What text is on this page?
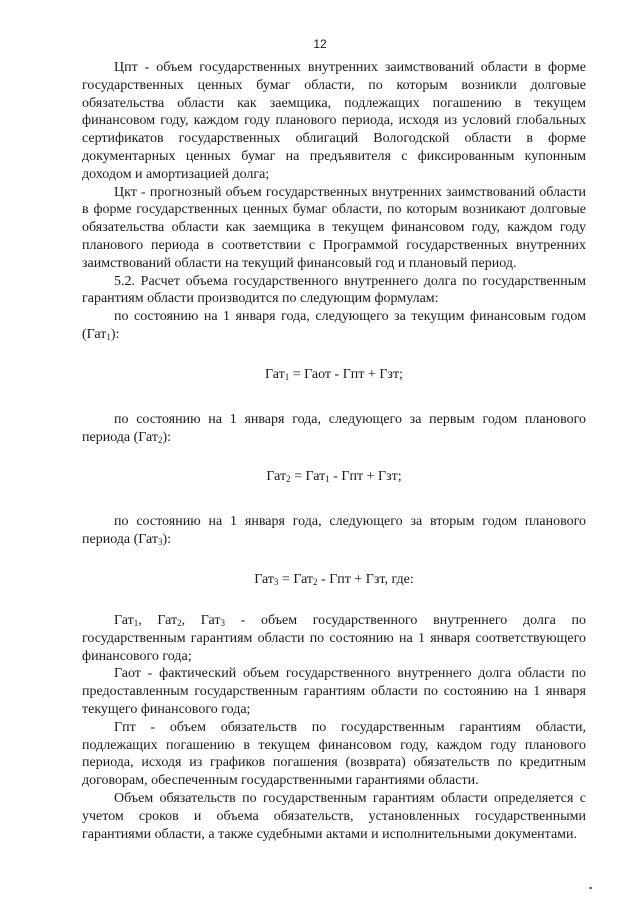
12

Цпт - объем государственных внутренних заимствований области в форме государственных ценных бумаг области, по которым возникли долговые обязательства области как заемщика, подлежащих погашению в текущем финансовом году, каждом году планового периода, исходя из условий глобальных сертификатов государственных облигаций Вологодской области в форме документарных ценных бумаг на предъявителя с фиксированным купонным доходом и амортизацией долга;

Цкт - прогнозный объем государственных внутренних заимствований области в форме государственных ценных бумаг области, по которым возникают долговые обязательства области как заемщика в текущем финансовом году, каждом году планового периода в соответствии с Программой государственных внутренних заимствований области на текущий финансовый год и плановый период.

5.2. Расчет объема государственного внутреннего долга по государственным гарантиям области производится по следующим формулам:

по состоянию на 1 января года, следующего за текущим финансовым годом (Гат$_1$):

Гат$_1$ = Гаот - Гпт + Гзт;

по состоянию на 1 января года, следующего за первым годом планового периода (Гат$_2$):

Гат$_2$ = Гат$_1$ - Гпт + Гзт;

по состоянию на 1 января года, следующего за вторым годом планового периода (Гат$_3$):

Гат$_3$ = Гат$_2$ - Гпт + Гзт, где:

Гат$_1$, Гат$_2$, Гат$_3$ - объем государственного внутреннего долга по государственным гарантиям области по состоянию на 1 января соответствующего финансового года;

Гаот - фактический объем государственного внутреннего долга области по предоставленным государственным гарантиям области по состоянию на 1 января текущего финансового года;

Гпт - объем обязательств по государственным гарантиям области, подлежащих погашению в текущем финансовом году, каждом году планового периода, исходя из графиков погашения (возврата) обязательств по кредитным договорам, обеспеченным государственными гарантиями области.

Объем обязательств по государственным гарантиям области определяется с учетом сроков и объема обязательств, установленных государственными гарантиями области, а также судебными актами и исполнительными документами.
